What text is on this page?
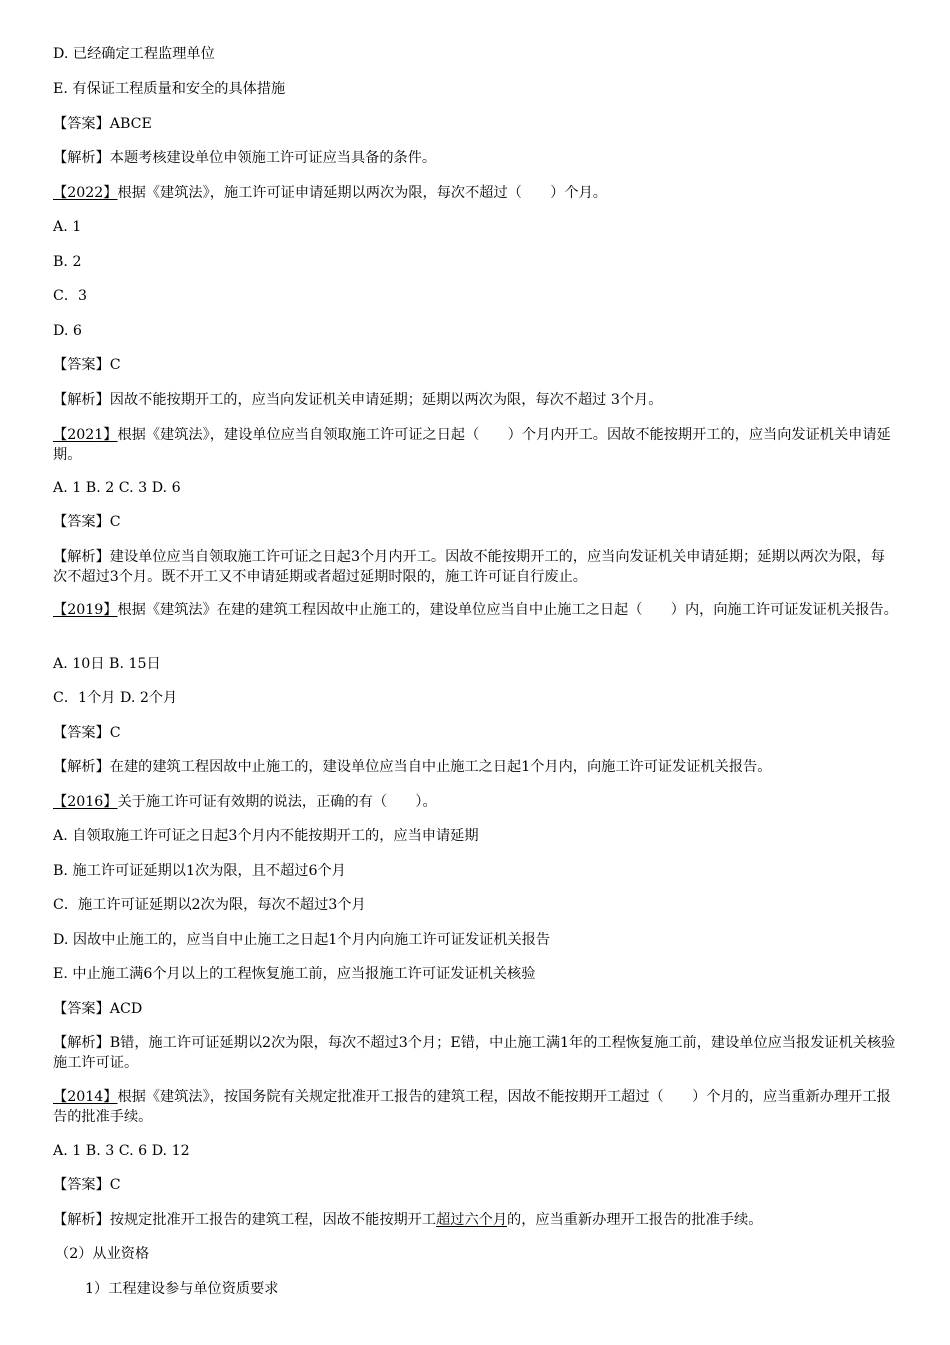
D. 已经确定工程监理单位
E. 有保证工程质量和安全的具体措施
【答案】ABCE
【解析】本题考核建设单位申领施工许可证应当具备的条件。
【2022】根据《建筑法》，施工许可证申请延期以两次为限，每次不超过（　　）个月。
A. 1
B. 2
C．3
D. 6
【答案】C
【解析】因故不能按期开工的，应当向发证机关申请延期；延期以两次为限，每次不超过 3个月。
【2021】根据《建筑法》，建设单位应当自领取施工许可证之日起（　　）个月内开工。因故不能按期开工的，应当向发证机关申请延期。
A. 1 B. 2 C. 3 D. 6
【答案】C
【解析】建设单位应当自领取施工许可证之日起3个月内开工。因故不能按期开工的，应当向发证机关申请延期；延期以两次为限，每次不超过3个月。既不开工又不申请延期或者超过延期时限的，施工许可证自行废止。
【2019】根据《建筑法》在建的建筑工程因故中止施工的，建设单位应当自中止施工之日起（　　）内，向施工许可证发证机关报告。
A. 10日 B. 15日
C．1个月 D. 2个月
【答案】C
【解析】在建的建筑工程因故中止施工的，建设单位应当自中止施工之日起1个月内，向施工许可证发证机关报告。
【2016】关于施工许可证有效期的说法，正确的有（　　）。
A. 自领取施工许可证之日起3个月内不能按期开工的，应当申请延期
B. 施工许可证延期以1次为限，且不超过6个月
C．施工许可证延期以2次为限，每次不超过3个月
D. 因故中止施工的，应当自中止施工之日起1个月内向施工许可证发证机关报告
E. 中止施工满6个月以上的工程恢复施工前，应当报施工许可证发证机关核验
【答案】ACD
【解析】B错，施工许可证延期以2次为限，每次不超过3个月；E错，中止施工满1年的工程恢复施工前，建设单位应当报发证机关核验施工许可证。
【2014】根据《建筑法》，按国务院有关规定批准开工报告的建筑工程，因故不能按期开工超过（　　）个月的，应当重新办理开工报告的批准手续。
A. 1 B. 3 C. 6 D. 12
【答案】C
【解析】按规定批准开工报告的建筑工程，因故不能按期开工超过六个月的，应当重新办理开工报告的批准手续。
（2）从业资格
1）工程建设参与单位资质要求
